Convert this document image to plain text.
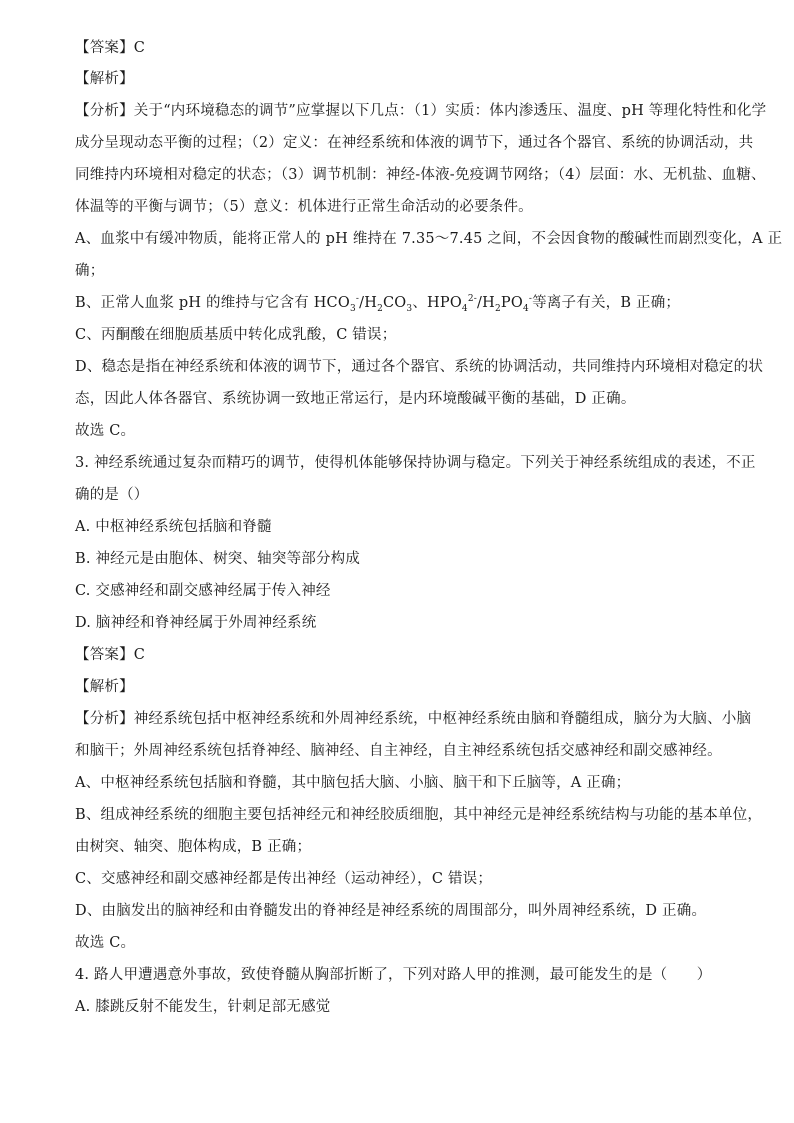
【答案】C
【解析】
【分析】关于“内环境稳态的调节”应掌握以下几点：（1）实质：体内渗透压、温度、pH 等理化特性和化学
成分呈现动态平衡的过程；（2）定义：在神经系统和体液的调节下，通过各个器官、系统的协调活动，共
同维持内环境相对稳定的状态；（3）调节机制：神经-体液-免疫调节网络；（4）层面：水、无机盐、血糖、
体温等的平衡与调节；（5）意义：机体进行正常生命活动的必要条件。
A、血浆中有缓冲物质，能将正常人的 pH 维持在 7.35～7.45 之间，不会因食物的酸碱性而剧烈变化，A 正
确；
B、正常人血浆 pH 的维持与它含有 $HCO_3^-/H_2CO_3$、$HPO_4^{2-}/H_2PO_4^-$等离子有关，B 正确；
C、丙酮酸在细胞质基质中转化成乳酸，C 错误；
D、稳态是指在神经系统和体液的调节下，通过各个器官、系统的协调活动，共同维持内环境相对稳定的状
态，因此人体各器官、系统协调一致地正常运行，是内环境酸碱平衡的基础，D 正确。
故选 C。
3. 神经系统通过复杂而精巧的调节，使得机体能够保持协调与稳定。下列关于神经系统组成的表述，不正
确的是（）
A. 中枢神经系统包括脑和脊髓
B. 神经元是由胞体、树突、轴突等部分构成
C. 交感神经和副交感神经属于传入神经
D. 脑神经和脊神经属于外周神经系统
【答案】C
【解析】
【分析】神经系统包括中枢神经系统和外周神经系统，中枢神经系统由脑和脊髓组成，脑分为大脑、小脑
和脑干；外周神经系统包括脊神经、脑神经、自主神经，自主神经系统包括交感神经和副交感神经。
A、中枢神经系统包括脑和脊髓，其中脑包括大脑、小脑、脑干和下丘脑等，A 正确；
B、组成神经系统的细胞主要包括神经元和神经胶质细胞，其中神经元是神经系统结构与功能的基本单位，
由树突、轴突、胞体构成，B 正确；
C、交感神经和副交感神经都是传出神经（运动神经），C 错误；
D、由脑发出的脑神经和由脊髓发出的脊神经是神经系统的周围部分，叫外周神经系统，D 正确。
故选 C。
4. 路人甲遭遇意外事故，致使脊髓从胸部折断了，下列对路人甲的推测，最可能发生的是（　　）
A. 膝跳反射不能发生，针刺足部无感觉
